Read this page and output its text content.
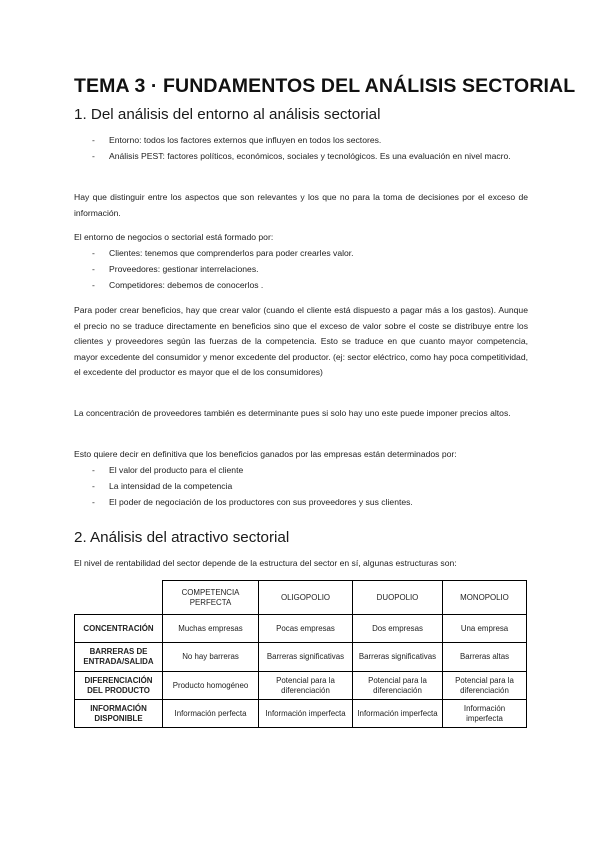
TEMA 3 · FUNDAMENTOS DEL ANÁLISIS SECTORIAL
1. Del análisis del entorno al análisis sectorial
- Entorno: todos los factores externos que influyen en todos los sectores.
- Análisis PEST: factores políticos, económicos, sociales y tecnológicos. Es una evaluación en nivel macro.
Hay que distinguir entre los aspectos que son relevantes y los que no para la toma de decisiones por el exceso de información.
El entorno de negocios o sectorial está formado por:
- Clientes: tenemos que comprenderlos para poder crearles valor.
- Proveedores: gestionar interrelaciones.
- Competidores: debemos de conocerlos .
Para poder crear beneficios, hay que crear valor (cuando el cliente está dispuesto a pagar más a los gastos). Aunque el precio no se traduce directamente en beneficios sino que el exceso de valor sobre el coste se distribuye entre los clientes y proveedores según las fuerzas de la competencia. Esto se traduce en que cuanto mayor competencia, mayor excedente del consumidor y menor excedente del productor. (ej: sector eléctrico, como hay poca competitividad, el excedente del productor es mayor que el de los consumidores)
La concentración de proveedores también es determinante pues si solo hay uno este puede imponer precios altos.
Esto quiere decir en definitiva que los beneficios ganados por las empresas están determinados por:
- El valor del producto para el cliente
- La intensidad de la competencia
- El poder de negociación de los productores con sus proveedores y sus clientes.
2. Análisis del atractivo sectorial
El nivel de rentabilidad del sector depende de la estructura del sector en sí, algunas estructuras son:
	COMPETENCIA PERFECTA	OLIGOPOLIO	DUOPOLIO	MONOPOLIO
CONCENTRACIÓN	Muchas empresas	Pocas empresas	Dos empresas	Una empresa
BARRERAS DE ENTRADA/SALIDA	No hay barreras	Barreras significativas	Barreras significativas	Barreras altas
DIFERENCIACIÓN DEL PRODUCTO	Producto homogéneo	Potencial para la diferenciación	Potencial para la diferenciación	Potencial para la diferenciación
INFORMACIÓN DISPONIBLE	Información perfecta	Información imperfecta	Información imperfecta	Información imperfecta
